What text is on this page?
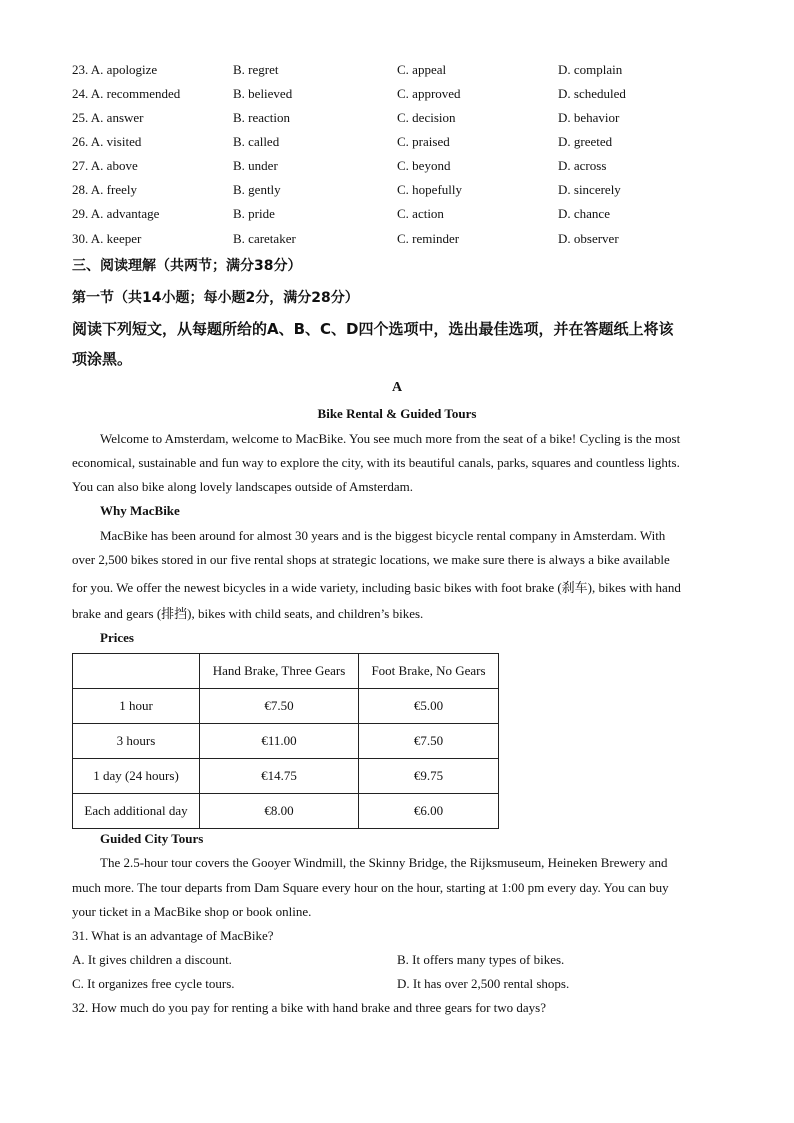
23. A. apologize	B. regret	C. appeal	D. complain
24. A. recommended	B. believed	C. approved	D. scheduled
25. A. answer	B. reaction	C. decision	D. behavior
26. A. visited	B. called	C. praised	D. greeted
27. A. above	B. under	C. beyond	D. across
28. A. freely	B. gently	C. hopefully	D. sincerely
29. A. advantage	B. pride	C. action	D. chance
30. A. keeper	B. caretaker	C. reminder	D. observer
三、阅读理解（共两节；满分38分）
第一节（共14小题；每小题2分，满分28分）
阅读下列短文，从每题所给的A、B、C、D四个选项中，选出最佳选项，并在答题纸上将该
项涂黑。
A
Bike Rental & Guided Tours
Welcome to Amsterdam, welcome to MacBike. You see much more from the seat of a bike! Cycling is the most
economical, sustainable and fun way to explore the city, with its beautiful canals, parks, squares and countless lights.
You can also bike along lovely landscapes outside of Amsterdam.
Why MacBike
MacBike has been around for almost 30 years and is the biggest bicycle rental company in Amsterdam. With
over 2,500 bikes stored in our five rental shops at strategic locations, we make sure there is always a bike available
for you. We offer the newest bicycles in a wide variety, including basic bikes with foot brake (刹车), bikes with hand
brake and gears (排挡), bikes with child seats, and children’s bikes.
Prices
	Hand Brake, Three Gears	Foot Brake, No Gears
1 hour	€7.50	€5.00
3 hours	€11.00	€7.50
1 day (24 hours)	€14.75	€9.75
Each additional day	€8.00	€6.00
Guided City Tours
The 2.5-hour tour covers the Gooyer Windmill, the Skinny Bridge, the Rijksmuseum, Heineken Brewery and
much more. The tour departs from Dam Square every hour on the hour, starting at 1:00 pm every day. You can buy
your ticket in a MacBike shop or book online.
31. What is an advantage of MacBike?
A. It gives children a discount.	B. It offers many types of bikes.
C. It organizes free cycle tours.	D. It has over 2,500 rental shops.
32. How much do you pay for renting a bike with hand brake and three gears for two days?
